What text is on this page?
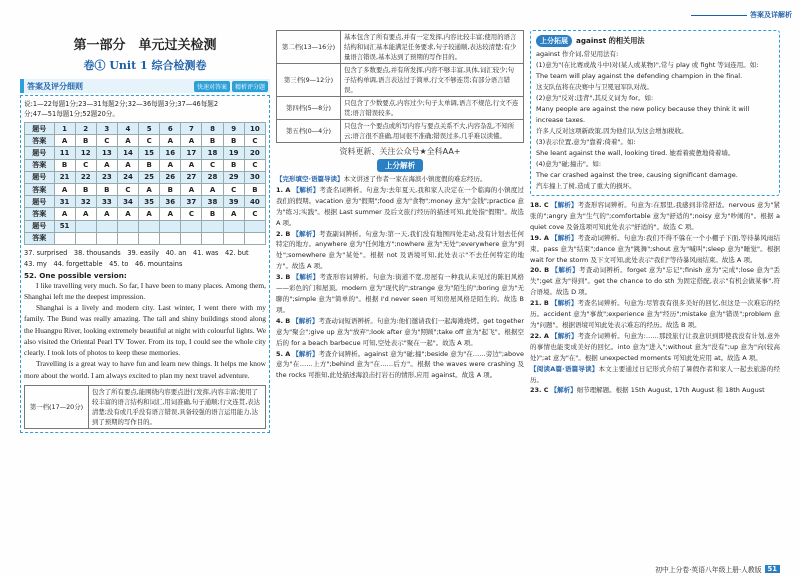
答案及详解析
第一部分　单元过关检测
卷① Unit 1 综合检测卷
答案及评分细则	快速对答案	精析评分题
说:1—22每题1分;23—31每题2分;32—36每题3分;37—46每题2
分;47—51每题1分;52题20分。
题号	1	2	3	4	5	6	7	8	9	10
答案	A	B	C	A	C	A	A	B	B	C
题号	11	12	13	14	15	16	17	18	19	20
答案	B	C	A	A	B	A	A	C	B	C
题号	21	22	23	24	25	26	27	28	29	30
答案	A	B	B	C	A	B	A	A	C	B
题号	31	32	33	34	35	36	37	38	39	40
答案	A	A	A	A	A	A	C	B	A	C
题号	51									
答案										
37. surprised　38. thousands　39. easily　40. an　41. was　42. but
43. my　44. forgettable　45. to　46. mountains
52. One possible version:

I like travelling very much. So far, I have been to many places. Among them, Shanghai left me the deepest impression.

Shanghai is a lively and modern city. Last winter, I went there with my family. The Bund was really amazing. The tall and shiny buildings stood along the Huangpu River, looking extremely beautiful at night with colourful lights. We also visited the Oriental Pearl TV Tower. From its top, I could see the whole city clearly. I took lots of photos to keep these memories.

Travelling is a great way to have fun and learn new things. It helps me know more about the world. I am always excited to plan my next travel adventure.

第一档(17—20分)	包含了所有要点,能围绕内容要点进行发挥,内容丰富;使用了较丰富的语言结构和词汇,用词准确,句子通顺;行文连贯,表达清楚;没有或几乎没有语言错误,具备较强的语言运用能力,达到了预期的写作目的。
第二档(13—16分)	基本包含了所有要点,并有一定发挥,内容比较丰富;使用的语言结构和词汇基本能满足任务要求,句子较通顺,表达较清楚;有少量语言错误,基本达到了预期的写作目的。
第三档(9—12分)	包含了多数要点,并有所发挥,内容不够丰富,具体,词汇较少;句子结构单调,语言表达过于简单,行文不够连贯;有部分语言错误。
第四档(5—8分)	只包含了少数要点,内容过少;句子太单调,语言不规范,行文不连贯;语言错误较多。
第五档(0—4分)	只包含一个要点或所写内容与要点关系不大,内容杂乱,不知所云;语言很不准确,用词很不准确;错误过多,几乎难以读懂。
资料更新、关注公众号★全科AA+
上分解析
【完形填空·语篇导读】本文讲述了作者一家在海滨小镇度假的难忘经历。
1. A 【解析】考查名词辨析。句意为:去年夏天,我和家人决定在一个临海的小镇度过我们的假期。vacation 意为"假期";food 意为"食物";money 意为"金钱";practice 意为"练习;实践"。根据 Last summer 及后文旅行经历的描述可知,此处指"假期"。故选 A 项。
2. B 【解析】考查副词辨析。句意为:第一天,我们没有地图四处走动,没有计划去任何特定的地方。anywhere 意为"任何地方";nowhere 意为"无处";everywhere 意为"到处";somewhere 意为"某处"。根据 not 及语境可知,此处表示"不去任何特定的地方"。故选 A 项。
3. B 【解析】考查形容词辨析。句意为:街道不宽,房屋有一种我从未见过的陈旧风格——彩色的门和屋顶。modern 意为"现代的";strange 意为"陌生的";boring 意为"无聊的";simple 意为"简单的"。根据 I'd never seen 可知房屋风格是陌生的。故选 B 项。
4. B 【解析】考查动词短语辨析。句意为:他们邀请我们一起海滩烧烤。get together 意为"聚会";give up 意为"放弃";look after 意为"照顾";take off 意为"起飞"。根据空后的 for a beach barbecue 可知,空处表示"聚在一起"。故选 A 项。
5. A 【解析】考查介词辨析。against 意为"碰;撞";beside 意为"在……旁边";above 意为"在……上方";behind 意为"在……后方"。根据 the waves were crashing 及 the rocks 可推知,此处描述海浪击打岩石的情形,应用 against。故选 A 项。
上分拓展	against 的相关用法
against 作介词,常见用法有:
(1)意为"(在比赛或战斗中)对(某人或某物)",常与 play 或 fight 等词连用。如:
The team will play against the defending champion in the final.
这支队伍将在决赛中与卫冕冠军队对战。
(2)意为"反对;违背",其反义词为 for。如:
Many people are against the new policy because they think it will increase taxes.
许多人反对这项新政策,因为他们认为这会增加税收。
(3)表示位置,意为"靠着;倚着"。如:
She leant against the wall, looking tired. 她看着疲惫地倚着墙。
(4)意为"碰;撞击"。如:
The car crashed against the tree, causing significant damage.
汽车撞上了树,造成了重大的损坏。
18. C 【解析】考查形容词辨析。句意为:在那里,我感到非常舒适。nervous 意为"紧张的";angry 意为"生气的";comfortable 意为"舒适的";noisy 意为"吵闹的"。根据 a quiet cove 及备选项可知此处表示"舒适的"。故选 C 项。
19. A 【解析】考查动词辨析。句意为:我们不得不躲在一个小棚子下面,等待暴风雨结束。pass 意为"结束";dance 意为"跳舞";shout 意为"喊叫";sleep 意为"睡觉"。根据 wait for the storm 及下文可知,此处表示"我们"等待暴风雨结束。故选 A 项。
20. B 【解析】考查动词辨析。forget 意为"忘记";finish 意为"完成";lose 意为"丢失";get 意为"得到"。get the chance to do sth 为固定搭配,表示"有机会做某事",符合语境。故选 D 项。
21. B 【解析】考查名词辨析。句意为:尽管我有很多美好的回忆,但这是一次难忘的经历。accident 意为"事故";experience 意为"经历";mistake 意为"错误";problem 意为"问题"。根据语境可知此处表示难忘的经历。故选 B 项。
22. A 【解析】考查介词辨析。句意为:……那段旅行让我意识到即使我没有计划,意外的事情也能变成美好的回忆。into 意为"进入";without 意为"没有";up 意为"向(较高处)";at 意为"在"。根据 unexpected moments 可知此处应用 at。故选 A 项。
【阅读A篇·语篇导读】本文主要通过日记形式介绍了暑假作者和家人一起去旅游的经历。
23. C 【解析】细节理解题。根据 15th August, 17th August 和 18th August
初中上分卷·英语八年级上册·人教版 51
